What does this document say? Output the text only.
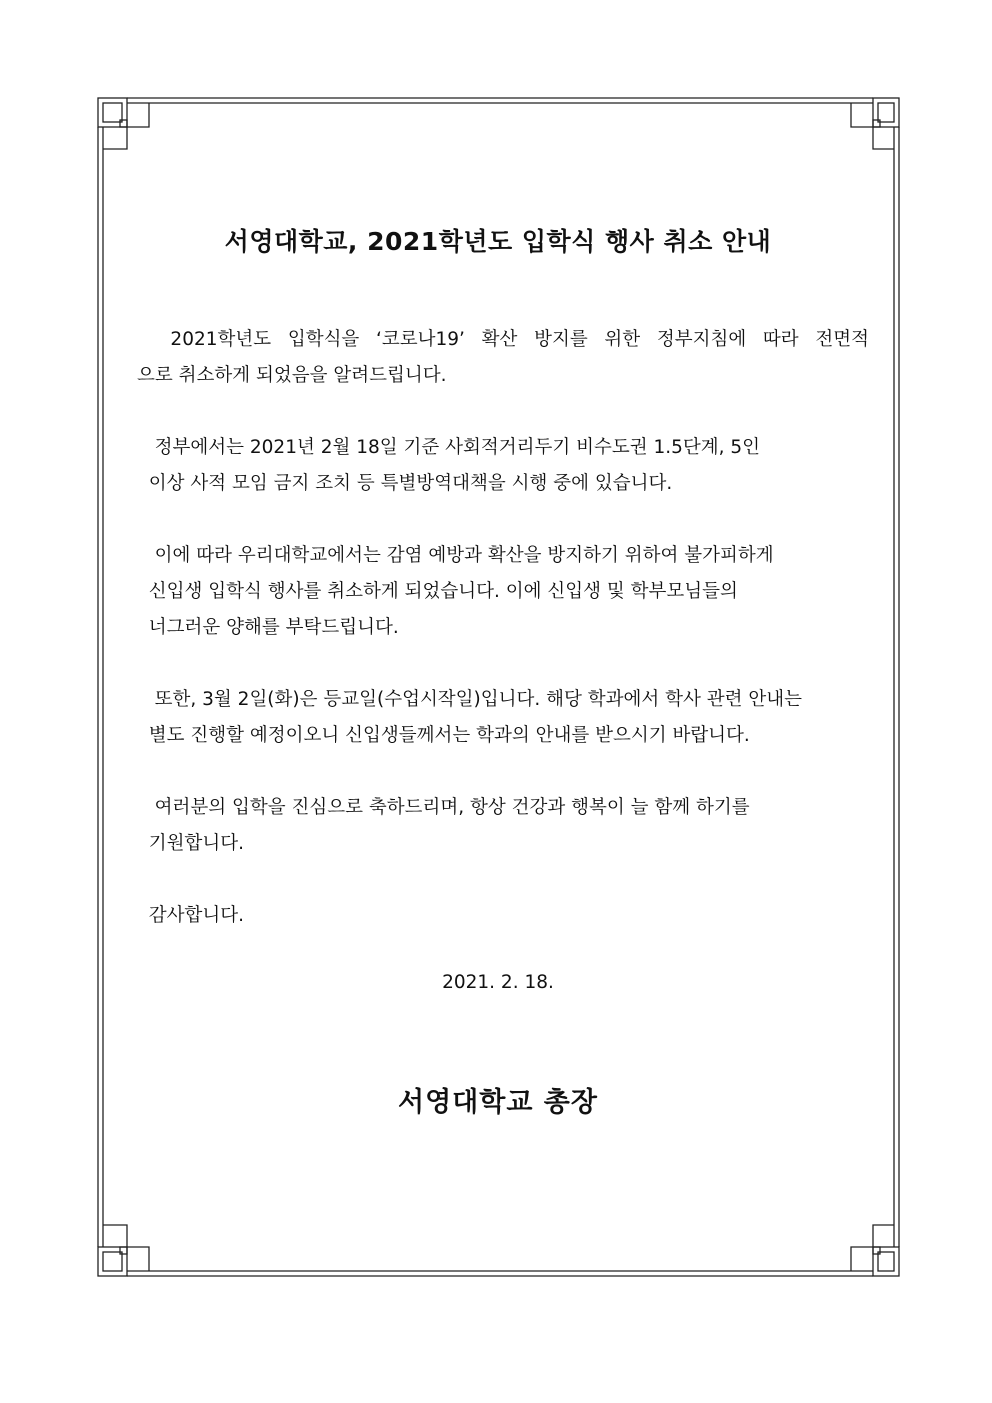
서영대학교, 2021학년도 입학식 행사 취소 안내
2021학년도 입학식을 ‘코로나19’ 확산 방지를 위한 정부지침에 따라 전면적
으로 취소하게 되었음을 알려드립니다.
정부에서는 2021년 2월 18일 기준 사회적거리두기 비수도권 1.5단계, 5인
이상 사적 모임 금지 조치 등 특별방역대책을 시행 중에 있습니다.
이에 따라 우리대학교에서는 감염 예방과 확산을 방지하기 위하여 불가피하게
신입생 입학식 행사를 취소하게 되었습니다. 이에 신입생 및 학부모님들의
너그러운 양해를 부탁드립니다.
또한, 3월 2일(화)은 등교일(수업시작일)입니다. 해당 학과에서 학사 관련 안내는
별도 진행할 예정이오니 신입생들께서는 학과의 안내를 받으시기 바랍니다.
여러분의 입학을 진심으로 축하드리며, 항상 건강과 행복이 늘 함께 하기를
기원합니다.
감사합니다.
2021. 2. 18.
서영대학교 총장
